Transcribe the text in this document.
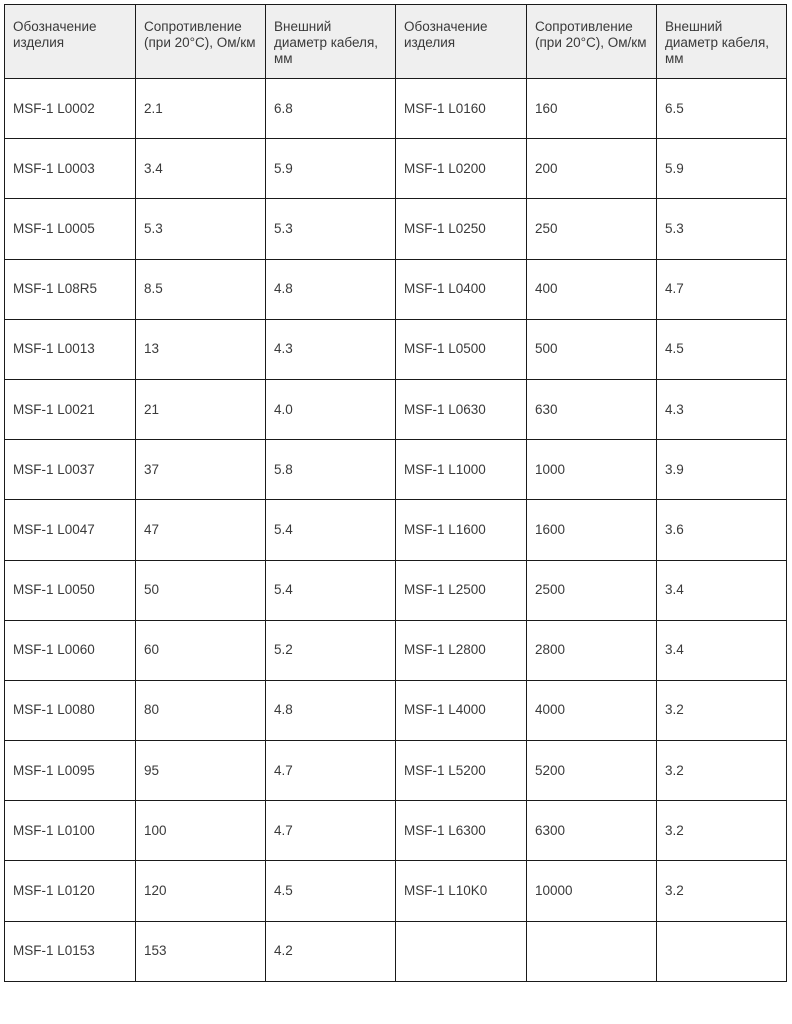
Обозначение изделия	Сопротивление (при 20°C), Ом/км	Внешний диаметр кабеля, мм	Обозначение изделия	Сопротивление (при 20°C), Ом/км	Внешний диаметр кабеля, мм
MSF-1 L0002	2.1	6.8	MSF-1 L0160	160	6.5
MSF-1 L0003	3.4	5.9	MSF-1 L0200	200	5.9
MSF-1 L0005	5.3	5.3	MSF-1 L0250	250	5.3
MSF-1 L08R5	8.5	4.8	MSF-1 L0400	400	4.7
MSF-1 L0013	13	4.3	MSF-1 L0500	500	4.5
MSF-1 L0021	21	4.0	MSF-1 L0630	630	4.3
MSF-1 L0037	37	5.8	MSF-1 L1000	1000	3.9
MSF-1 L0047	47	5.4	MSF-1 L1600	1600	3.6
MSF-1 L0050	50	5.4	MSF-1 L2500	2500	3.4
MSF-1 L0060	60	5.2	MSF-1 L2800	2800	3.4
MSF-1 L0080	80	4.8	MSF-1 L4000	4000	3.2
MSF-1 L0095	95	4.7	MSF-1 L5200	5200	3.2
MSF-1 L0100	100	4.7	MSF-1 L6300	6300	3.2
MSF-1 L0120	120	4.5	MSF-1 L10K0	10000	3.2
MSF-1 L0153	153	4.2			
